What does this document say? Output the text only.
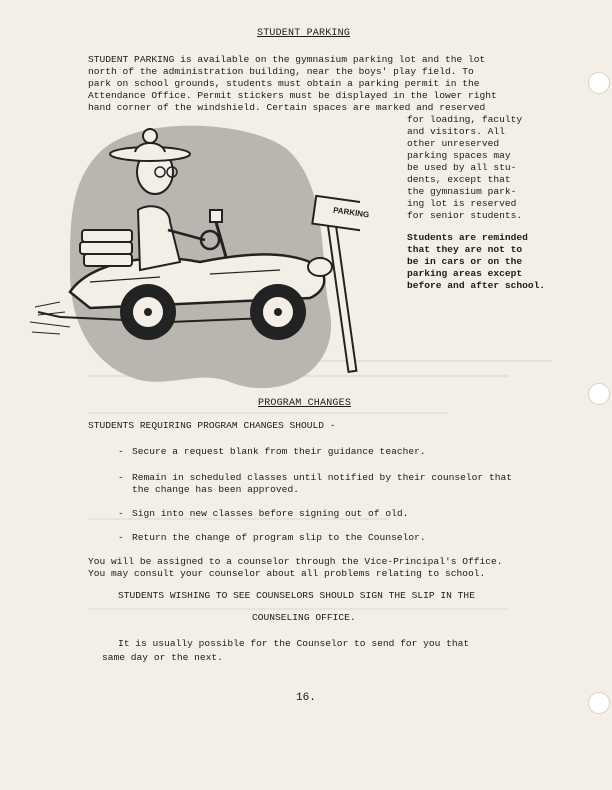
STUDENT PARKING
STUDENT PARKING is available on the gymnasium parking lot and the lot
north of the administration building, near the boys' play field. To
park on school grounds, students must obtain a parking permit in the
Attendance Office. Permit stickers must be displayed in the lower right
hand corner of the windshield. Certain spaces are marked and reserved
PARKING
for loading, faculty
and visitors. All
other unreserved
parking spaces may
be used by all stu-
dents, except that
the gymnasium park-
ing lot is reserved
for senior students.
Students are reminded
that they are not to
be in cars or on the
parking areas except
before and after school.
PROGRAM CHANGES
STUDENTS REQUIRING PROGRAM CHANGES SHOULD -
- Secure a request blank from their guidance teacher.
- Remain in scheduled classes until notified by their counselor that
the change has been approved.
- Sign into new classes before signing out of old.
- Return the change of program slip to the Counselor.
You will be assigned to a counselor through the Vice-Principal's Office.
You may consult your counselor about all problems relating to school.
STUDENTS WISHING TO SEE COUNSELORS SHOULD SIGN THE SLIP IN THE
COUNSELING OFFICE.
It is usually possible for the Counselor to send for you that
same day or the next.
16.
